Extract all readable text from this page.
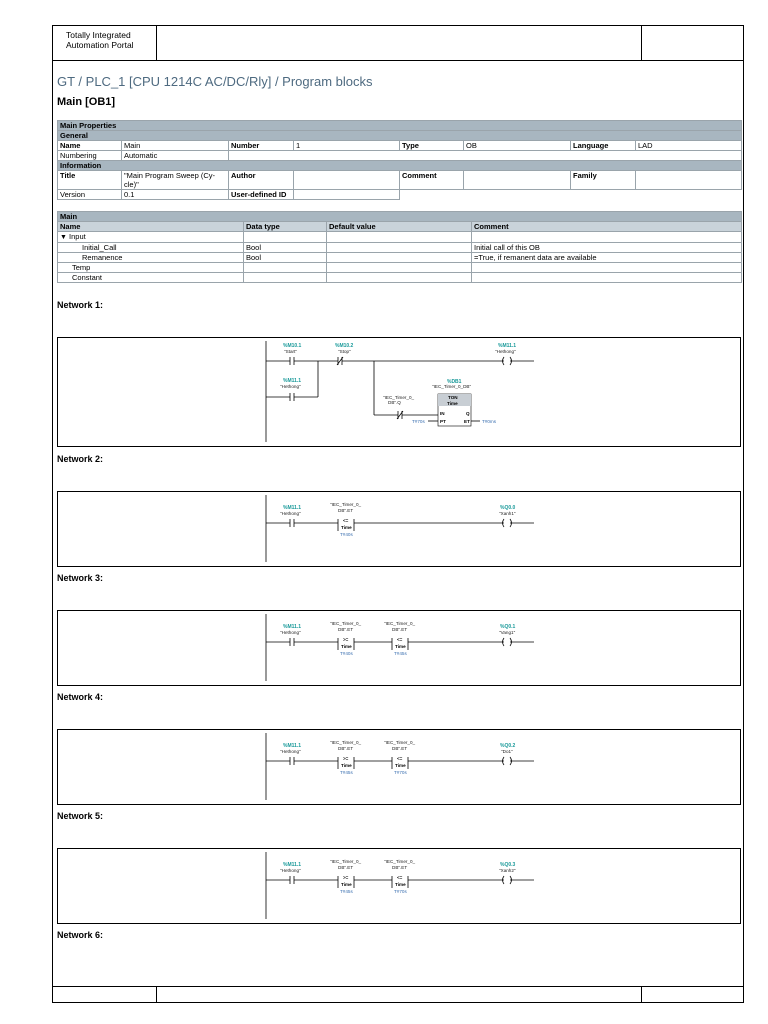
Totally Integrated
Automation Portal
GT / PLC_1 [CPU 1214C AC/DC/Rly] / Program blocks
Main [OB1]
Main Properties							
General							
Name	Main	Number	1	Type	OB	Language	LAD
Numbering	Automatic						
Information							
Title	"Main Program Sweep (Cy-
cle)"	Author		Comment		Family	
Version	0.1	User-defined ID					
Main			
Name	Data type	Default value	Comment
▼ Input			
Initial_Call	Bool		Initial call of this OB
Remanence	Bool		=True, if remanent data are available
Temp			
Constant			
Network 1:
%M10.1
"Start"
%M10.2
"Stop"
%M11.1
"Hethong"
%M11.1
"Hethong"
%DB1
"IEC_Timer_0_DB"
"IEC_Timer_0_
DB".Q
TON
Time
IN	Q
PT	ET
T#70s	T#0ms
Network 2:
%M11.1
"Hethong"
"IEC_Timer_0_
DB".ET
<=
Time
T#40s
%Q0.0
"Xanh1"
Network 3:
%M11.1
"Hethong"
"IEC_Timer_0_
DB".ET
>=
Time
T#40s
"IEC_Timer_0_
DB".ET
<=
Time
T#45s
%Q0.1
"Vang1"
Network 4:
%M11.1
"Hethong"
"IEC_Timer_0_
DB".ET
>=
Time
T#45s
"IEC_Timer_0_
DB".ET
<=
Time
T#70s
%Q0.2
"Do1"
Network 5:
%M11.1
"Hethong"
"IEC_Timer_0_
DB".ET
>=
Time
T#45s
"IEC_Timer_0_
DB".ET
<=
Time
T#70s
%Q0.3
"Xanh2"
Network 6:
